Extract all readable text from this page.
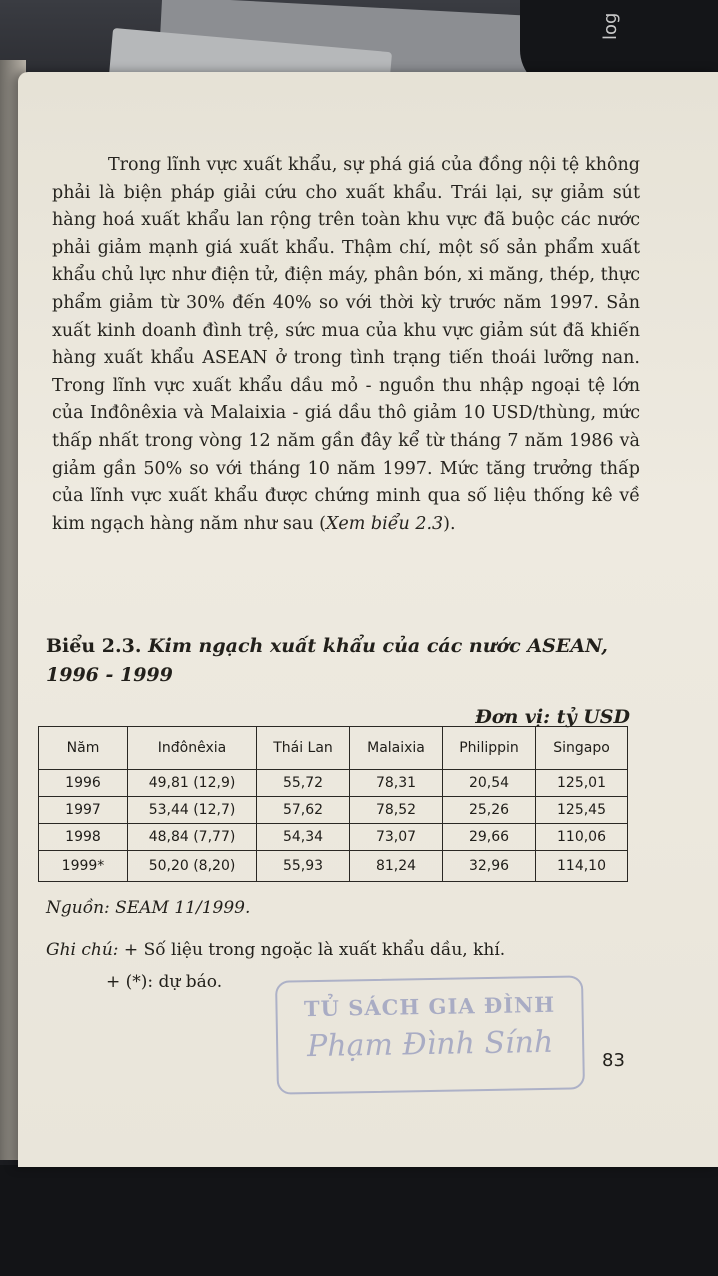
log
Trong lĩnh vực xuất khẩu, sự phá giá của đồng nội tệ không phải là biện pháp giải cứu cho xuất khẩu. Trái lại, sự giảm sút hàng hoá xuất khẩu lan rộng trên toàn khu vực đã buộc các nước phải giảm mạnh giá xuất khẩu. Thậm chí, một số sản phẩm xuất khẩu chủ lực như điện tử, điện máy, phân bón, xi măng, thép, thực phẩm giảm từ 30% đến 40% so với thời kỳ trước năm 1997. Sản xuất kinh doanh đình trệ, sức mua của khu vực giảm sút đã khiến hàng xuất khẩu ASEAN ở trong tình trạng tiến thoái lưỡng nan. Trong lĩnh vực xuất khẩu dầu mỏ - nguồn thu nhập ngoại tệ lớn của Inđônêxia và Malaixia - giá dầu thô giảm 10 USD/thùng, mức thấp nhất trong vòng 12 năm gần đây kể từ tháng 7 năm 1986 và giảm gần 50% so với tháng 10 năm 1997. Mức tăng trưởng thấp của lĩnh vực xuất khẩu được chứng minh qua số liệu thống kê về kim ngạch hàng năm như sau (Xem biểu 2.3).
Biểu 2.3. Kim ngạch xuất khẩu của các nước ASEAN, 1996 - 1999
Đơn vị: tỷ USD
Năm	Inđônêxia	Thái Lan	Malaixia	Philippin	Singapo
1996	49,81 (12,9)	55,72	78,31	20,54	125,01
1997	53,44 (12,7)	57,62	78,52	25,26	125,45
1998	48,84 (7,77)	54,34	73,07	29,66	110,06
1999*	50,20 (8,20)	55,93	81,24	32,96	114,10
Nguồn: SEAM 11/1999.
Ghi chú: + Số liệu trong ngoặc là xuất khẩu dầu, khí.
+ (*): dự báo.
TỦ SÁCH GIA ĐÌNH
Phạm Đình Sính	83
